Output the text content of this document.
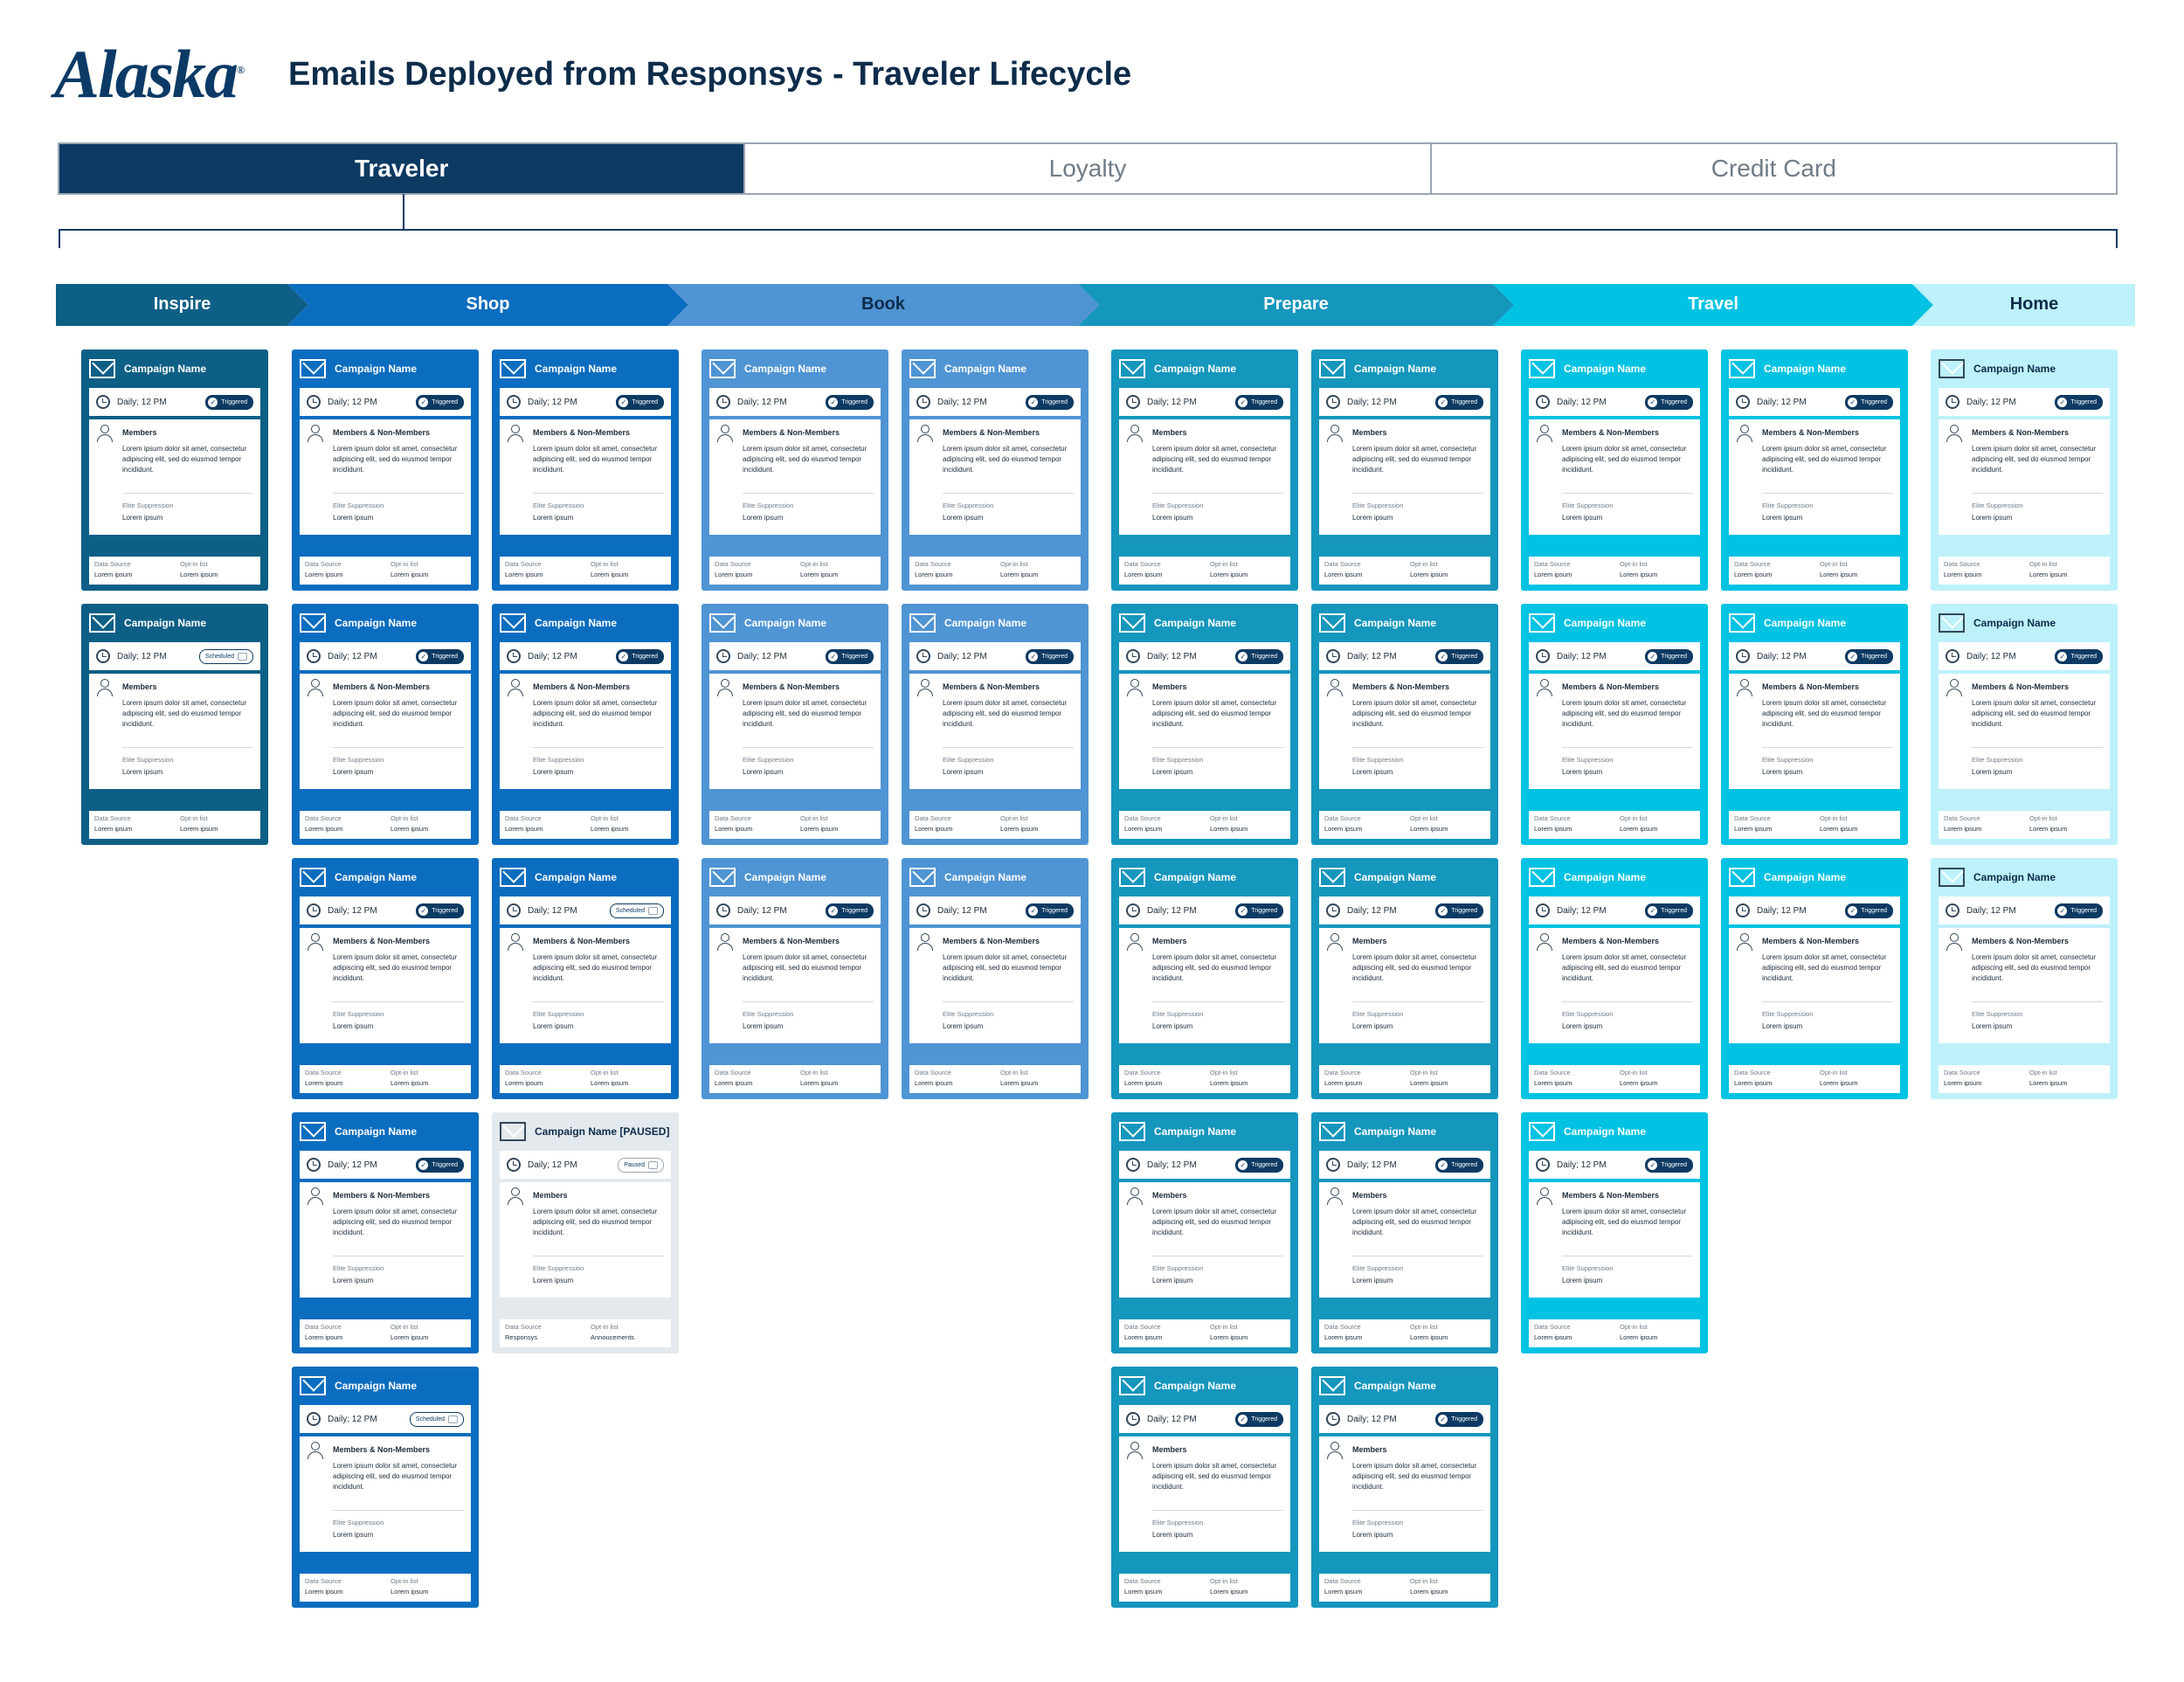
Alaska® Emails Deployed from Responsys - Traveler Lifecycle
Traveler	Loyalty	Credit Card
Inspire	Shop	Book	Prepare	Travel	Home
Campaign Name
Daily; 12 PM	✓ Triggered
Members
Lorem ipsum dolor sit amet, consectetur adipiscing elit, sed do eiusmod tempor incididunt.
Elite Suppression
Lorem ipsum
Data Source
Lorem ipsum
Opt-in list
Lorem ipsum
Campaign Name
Daily; 12 PM	Scheduled
Members
Lorem ipsum dolor sit amet, consectetur adipiscing elit, sed do eiusmod tempor incididunt.
Elite Suppression
Lorem ipsum
Data Source
Lorem ipsum
Opt-in list
Lorem ipsum
Campaign Name
Daily; 12 PM	✓ Triggered
Members & Non-Members
Lorem ipsum dolor sit amet, consectetur adipiscing elit, sed do eiusmod tempor incididunt.
Elite Suppression
Lorem ipsum
Data Source
Lorem ipsum
Opt-in list
Lorem ipsum
Campaign Name
Daily; 12 PM	✓ Triggered
Members & Non-Members
Lorem ipsum dolor sit amet, consectetur adipiscing elit, sed do eiusmod tempor incididunt.
Elite Suppression
Lorem ipsum
Data Source
Lorem ipsum
Opt-in list
Lorem ipsum
Campaign Name
Daily; 12 PM	✓ Triggered
Members & Non-Members
Lorem ipsum dolor sit amet, consectetur adipiscing elit, sed do eiusmod tempor incididunt.
Elite Suppression
Lorem ipsum
Data Source
Lorem ipsum
Opt-in list
Lorem ipsum
Campaign Name
Daily; 12 PM	✓ Triggered
Members & Non-Members
Lorem ipsum dolor sit amet, consectetur adipiscing elit, sed do eiusmod tempor incididunt.
Elite Suppression
Lorem ipsum
Data Source
Lorem ipsum
Opt-in list
Lorem ipsum
Campaign Name
Daily; 12 PM	Scheduled
Members & Non-Members
Lorem ipsum dolor sit amet, consectetur adipiscing elit, sed do eiusmod tempor incididunt.
Elite Suppression
Lorem ipsum
Data Source
Lorem ipsum
Opt-in list
Lorem ipsum
Campaign Name
Daily; 12 PM	✓ Triggered
Members & Non-Members
Lorem ipsum dolor sit amet, consectetur adipiscing elit, sed do eiusmod tempor incididunt.
Elite Suppression
Lorem ipsum
Data Source
Lorem ipsum
Opt-in list
Lorem ipsum
Campaign Name
Daily; 12 PM	✓ Triggered
Members & Non-Members
Lorem ipsum dolor sit amet, consectetur adipiscing elit, sed do eiusmod tempor incididunt.
Elite Suppression
Lorem ipsum
Data Source
Lorem ipsum
Opt-in list
Lorem ipsum
Campaign Name
Daily; 12 PM	Scheduled
Members & Non-Members
Lorem ipsum dolor sit amet, consectetur adipiscing elit, sed do eiusmod tempor incididunt.
Elite Suppression
Lorem ipsum
Data Source
Lorem ipsum
Opt-in list
Lorem ipsum
Campaign Name [PAUSED]
Daily; 12 PM	Paused
Members
Lorem ipsum dolor sit amet, consectetur adipiscing elit, sed do eiusmod tempor incididunt.
Elite Suppression
Lorem ipsum
Data Source
Responsys
Opt-in list
Annoucements
Campaign Name
Daily; 12 PM	✓ Triggered
Members & Non-Members
Lorem ipsum dolor sit amet, consectetur adipiscing elit, sed do eiusmod tempor incididunt.
Elite Suppression
Lorem ipsum
Data Source
Lorem ipsum
Opt-in list
Lorem ipsum
Campaign Name
Daily; 12 PM	✓ Triggered
Members & Non-Members
Lorem ipsum dolor sit amet, consectetur adipiscing elit, sed do eiusmod tempor incididunt.
Elite Suppression
Lorem ipsum
Data Source
Lorem ipsum
Opt-in list
Lorem ipsum
Campaign Name
Daily; 12 PM	✓ Triggered
Members & Non-Members
Lorem ipsum dolor sit amet, consectetur adipiscing elit, sed do eiusmod tempor incididunt.
Elite Suppression
Lorem ipsum
Data Source
Lorem ipsum
Opt-in list
Lorem ipsum
Campaign Name
Daily; 12 PM	✓ Triggered
Members & Non-Members
Lorem ipsum dolor sit amet, consectetur adipiscing elit, sed do eiusmod tempor incididunt.
Elite Suppression
Lorem ipsum
Data Source
Lorem ipsum
Opt-in list
Lorem ipsum
Campaign Name
Daily; 12 PM	✓ Triggered
Members & Non-Members
Lorem ipsum dolor sit amet, consectetur adipiscing elit, sed do eiusmod tempor incididunt.
Elite Suppression
Lorem ipsum
Data Source
Lorem ipsum
Opt-in list
Lorem ipsum
Campaign Name
Daily; 12 PM	✓ Triggered
Members & Non-Members
Lorem ipsum dolor sit amet, consectetur adipiscing elit, sed do eiusmod tempor incididunt.
Elite Suppression
Lorem ipsum
Data Source
Lorem ipsum
Opt-in list
Lorem ipsum
Campaign Name
Daily; 12 PM	✓ Triggered
Members
Lorem ipsum dolor sit amet, consectetur adipiscing elit, sed do eiusmod tempor incididunt.
Elite Suppression
Lorem ipsum
Data Source
Lorem ipsum
Opt-in list
Lorem ipsum
Campaign Name
Daily; 12 PM	✓ Triggered
Members
Lorem ipsum dolor sit amet, consectetur adipiscing elit, sed do eiusmod tempor incididunt.
Elite Suppression
Lorem ipsum
Data Source
Lorem ipsum
Opt-in list
Lorem ipsum
Campaign Name
Daily; 12 PM	✓ Triggered
Members
Lorem ipsum dolor sit amet, consectetur adipiscing elit, sed do eiusmod tempor incididunt.
Elite Suppression
Lorem ipsum
Data Source
Lorem ipsum
Opt-in list
Lorem ipsum
Campaign Name
Daily; 12 PM	✓ Triggered
Members
Lorem ipsum dolor sit amet, consectetur adipiscing elit, sed do eiusmod tempor incididunt.
Elite Suppression
Lorem ipsum
Data Source
Lorem ipsum
Opt-in list
Lorem ipsum
Campaign Name
Daily; 12 PM	✓ Triggered
Members
Lorem ipsum dolor sit amet, consectetur adipiscing elit, sed do eiusmod tempor incididunt.
Elite Suppression
Lorem ipsum
Data Source
Lorem ipsum
Opt-in list
Lorem ipsum
Campaign Name
Daily; 12 PM	✓ Triggered
Members
Lorem ipsum dolor sit amet, consectetur adipiscing elit, sed do eiusmod tempor incididunt.
Elite Suppression
Lorem ipsum
Data Source
Lorem ipsum
Opt-in list
Lorem ipsum
Campaign Name
Daily; 12 PM	✓ Triggered
Members & Non-Members
Lorem ipsum dolor sit amet, consectetur adipiscing elit, sed do eiusmod tempor incididunt.
Elite Suppression
Lorem ipsum
Data Source
Lorem ipsum
Opt-in list
Lorem ipsum
Campaign Name
Daily; 12 PM	✓ Triggered
Members
Lorem ipsum dolor sit amet, consectetur adipiscing elit, sed do eiusmod tempor incididunt.
Elite Suppression
Lorem ipsum
Data Source
Lorem ipsum
Opt-in list
Lorem ipsum
Campaign Name
Daily; 12 PM	✓ Triggered
Members
Lorem ipsum dolor sit amet, consectetur adipiscing elit, sed do eiusmod tempor incididunt.
Elite Suppression
Lorem ipsum
Data Source
Lorem ipsum
Opt-in list
Lorem ipsum
Campaign Name
Daily; 12 PM	✓ Triggered
Members
Lorem ipsum dolor sit amet, consectetur adipiscing elit, sed do eiusmod tempor incididunt.
Elite Suppression
Lorem ipsum
Data Source
Lorem ipsum
Opt-in list
Lorem ipsum
Campaign Name
Daily; 12 PM	✓ Triggered
Members & Non-Members
Lorem ipsum dolor sit amet, consectetur adipiscing elit, sed do eiusmod tempor incididunt.
Elite Suppression
Lorem ipsum
Data Source
Lorem ipsum
Opt-in list
Lorem ipsum
Campaign Name
Daily; 12 PM	✓ Triggered
Members & Non-Members
Lorem ipsum dolor sit amet, consectetur adipiscing elit, sed do eiusmod tempor incididunt.
Elite Suppression
Lorem ipsum
Data Source
Lorem ipsum
Opt-in list
Lorem ipsum
Campaign Name
Daily; 12 PM	✓ Triggered
Members & Non-Members
Lorem ipsum dolor sit amet, consectetur adipiscing elit, sed do eiusmod tempor incididunt.
Elite Suppression
Lorem ipsum
Data Source
Lorem ipsum
Opt-in list
Lorem ipsum
Campaign Name
Daily; 12 PM	✓ Triggered
Members & Non-Members
Lorem ipsum dolor sit amet, consectetur adipiscing elit, sed do eiusmod tempor incididunt.
Elite Suppression
Lorem ipsum
Data Source
Lorem ipsum
Opt-in list
Lorem ipsum
Campaign Name
Daily; 12 PM	✓ Triggered
Members & Non-Members
Lorem ipsum dolor sit amet, consectetur adipiscing elit, sed do eiusmod tempor incididunt.
Elite Suppression
Lorem ipsum
Data Source
Lorem ipsum
Opt-in list
Lorem ipsum
Campaign Name
Daily; 12 PM	✓ Triggered
Members & Non-Members
Lorem ipsum dolor sit amet, consectetur adipiscing elit, sed do eiusmod tempor incididunt.
Elite Suppression
Lorem ipsum
Data Source
Lorem ipsum
Opt-in list
Lorem ipsum
Campaign Name
Daily; 12 PM	✓ Triggered
Members & Non-Members
Lorem ipsum dolor sit amet, consectetur adipiscing elit, sed do eiusmod tempor incididunt.
Elite Suppression
Lorem ipsum
Data Source
Lorem ipsum
Opt-in list
Lorem ipsum
Campaign Name
Daily; 12 PM	✓ Triggered
Members & Non-Members
Lorem ipsum dolor sit amet, consectetur adipiscing elit, sed do eiusmod tempor incididunt.
Elite Suppression
Lorem ipsum
Data Source
Lorem ipsum
Opt-in list
Lorem ipsum
Campaign Name
Daily; 12 PM	✓ Triggered
Members & Non-Members
Lorem ipsum dolor sit amet, consectetur adipiscing elit, sed do eiusmod tempor incididunt.
Elite Suppression
Lorem ipsum
Data Source
Lorem ipsum
Opt-in list
Lorem ipsum
Campaign Name
Daily; 12 PM	✓ Triggered
Members & Non-Members
Lorem ipsum dolor sit amet, consectetur adipiscing elit, sed do eiusmod tempor incididunt.
Elite Suppression
Lorem ipsum
Data Source
Lorem ipsum
Opt-in list
Lorem ipsum
